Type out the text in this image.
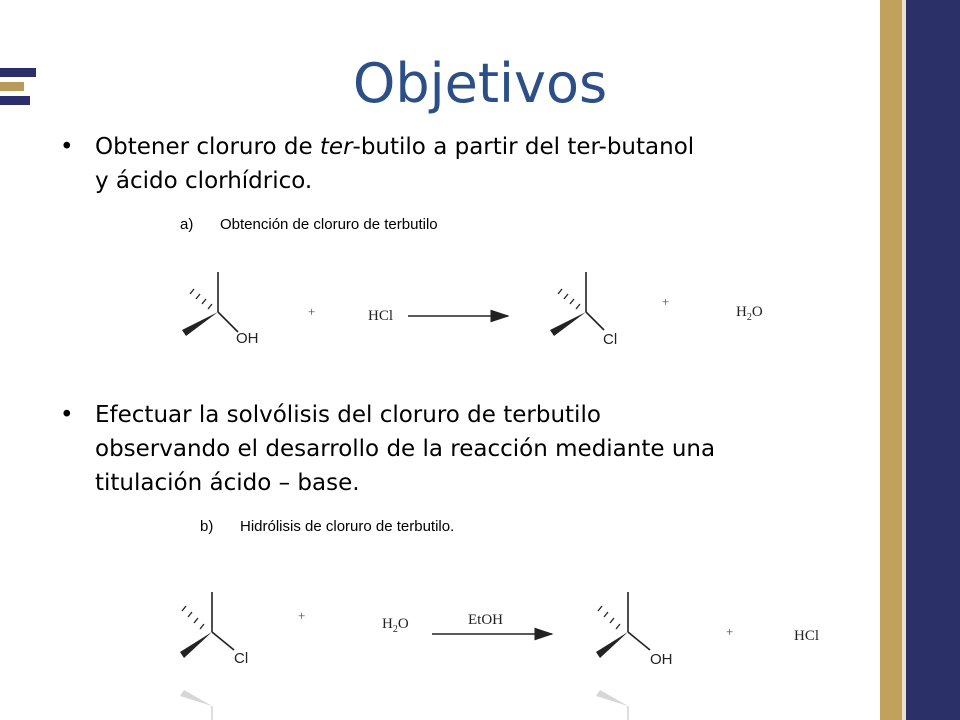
Objetivos
• Obtener cloruro de ter-butilo a partir del ter-butanol
y ácido clorhídrico.
a) Obtención de cloruro de terbutilo
• Efectuar la solvólisis del cloruro de terbutilo
observando el desarrollo de la reacción mediante una
titulación ácido – base.
b) Hidrólisis de cloruro de terbutilo.
OH
+	HCl
Cl
+
$H_2O$
Cl
+
$H_2O$	EtOH
OH
+	HCl
